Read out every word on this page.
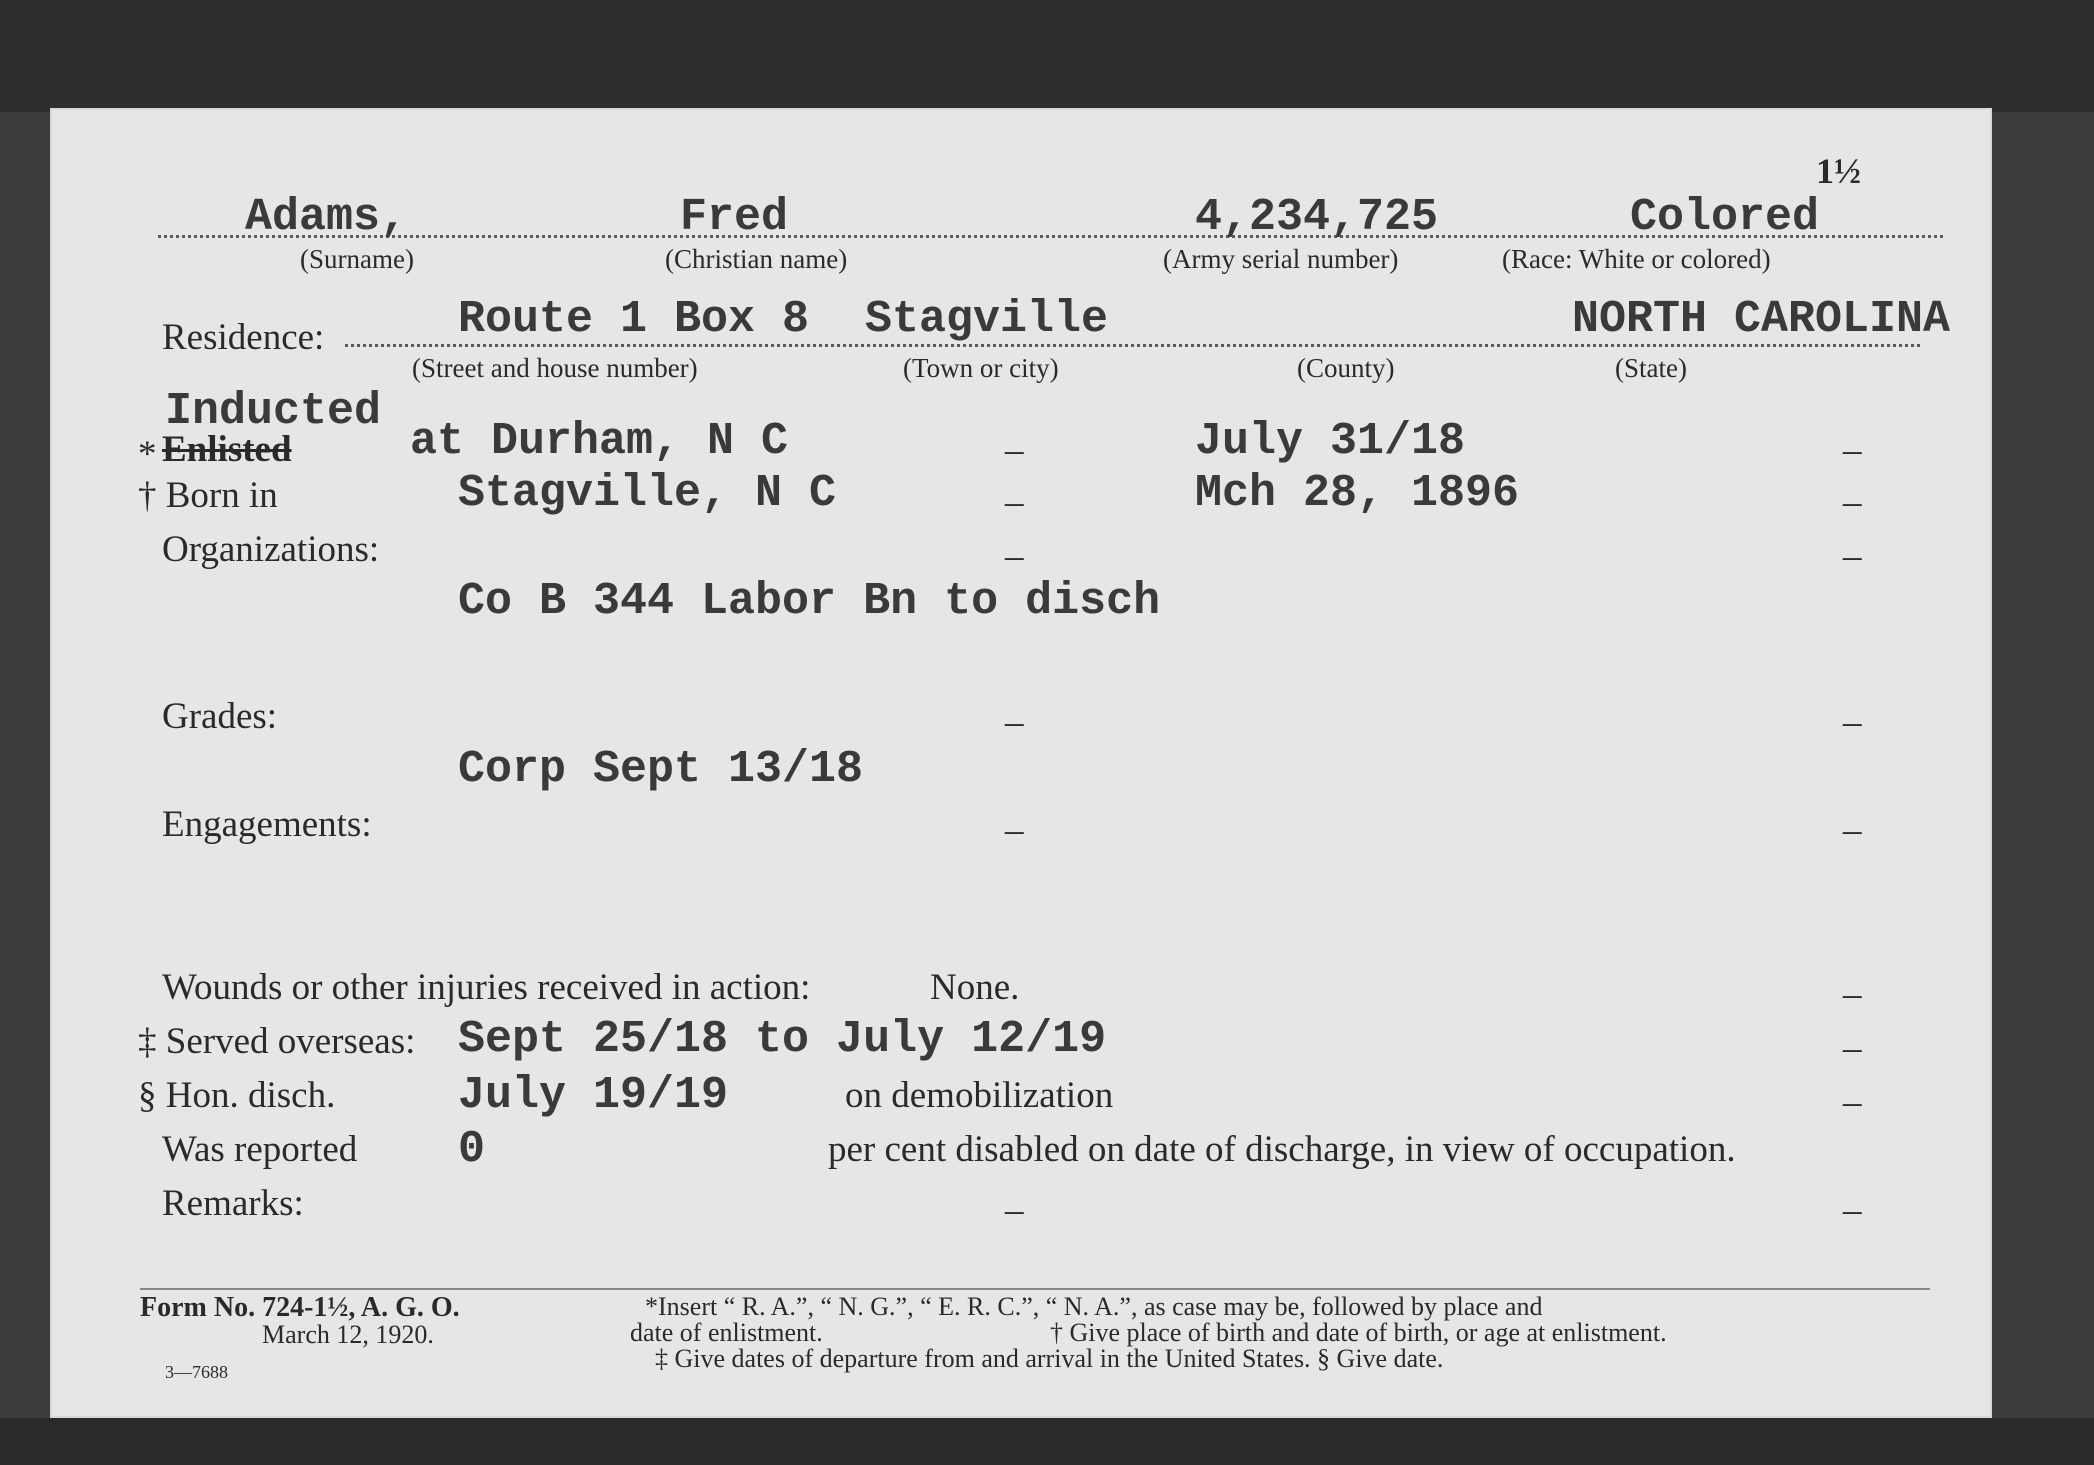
1½
Adams,	Fred	4,234,725	Colored
(Surname)	(Christian name)	(Army serial number)	(Race: White or colored)
Residence:	Route 1 Box 8 Stagville	NORTH CAROLINA
(Street and house number)	(Town or city)	(County)	(State)
* Enlisted
Inducted
at Durham, N C	July 31/18
_	_
† Born in	Stagville, N C	Mch 28, 1896
_	_
Organizations:	_	_
Co B 344 Labor Bn to disch
Grades:	_	_
Corp Sept 13/18
Engagements:	_	_
Wounds or other injuries received in action:	None.	_
‡ Served overseas: Sept 25/18 to July 12/19	_
§ Hon. disch.	July 19/19	on demobilization	_
Was reported 0	per cent disabled on date of discharge, in view of occupation.
Remarks:	_	_
Form No. 724-1½, A. G. O.
March 12, 1920.
3—7688
*Insert “ R. A.”, “ N. G.”, “ E. R. C.”, “ N. A.”, as case may be, followed by place and
date of enlistment.	† Give place of birth and date of birth, or age at enlistment.
‡ Give dates of departure from and arrival in the United States. § Give date.
